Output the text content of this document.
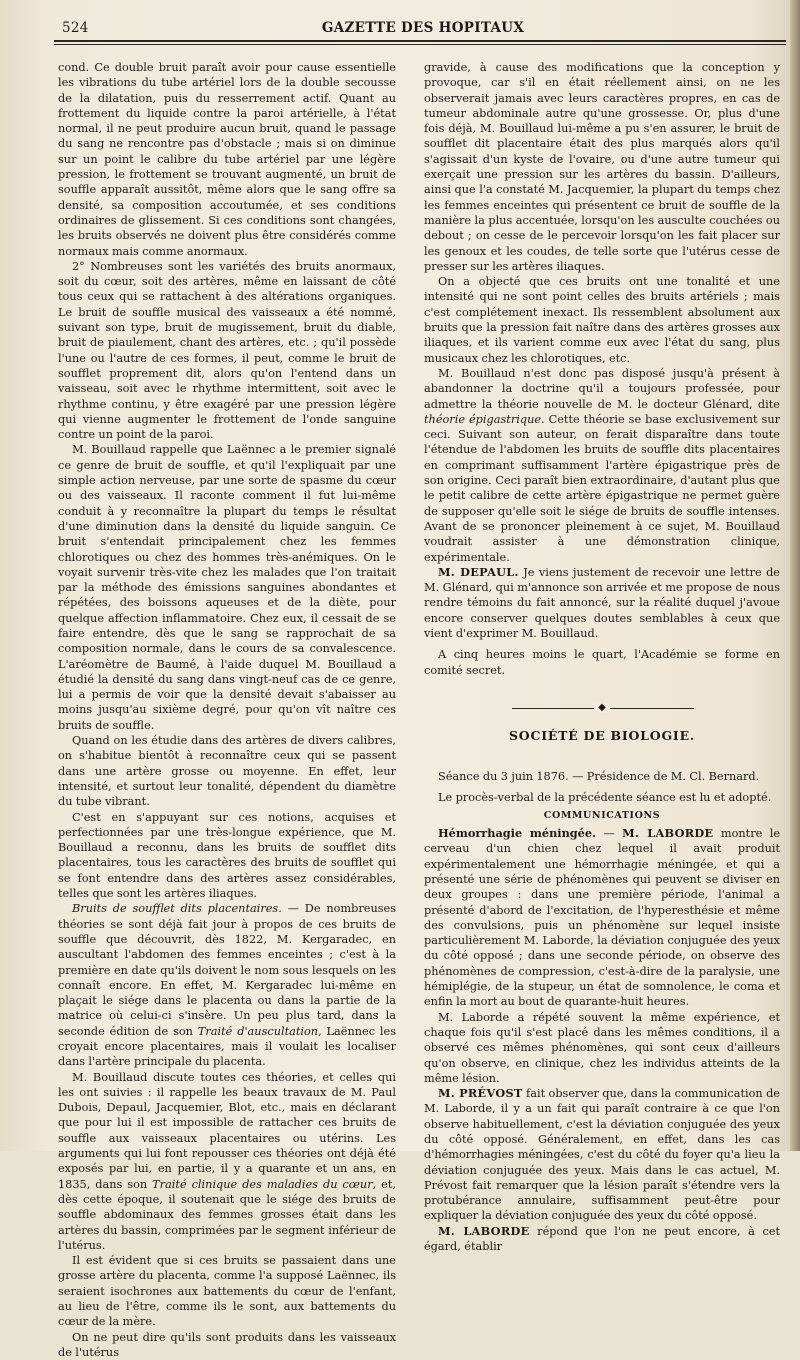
524	GAZETTE DES HOPITAUX

cond. Ce double bruit paraît avoir pour cause essentielle les vibrations du tube artériel lors de la double secousse de la dilatation, puis du resserrement actif. Quant au frottement du liquide contre la paroi artérielle, à l'état normal, il ne peut produire aucun bruit, quand le passage du sang ne rencontre pas d'obstacle ; mais si on diminue sur un point le calibre du tube artériel par une légère pression, le frottement se trouvant augmenté, un bruit de souffle apparaît aussitôt, même alors que le sang offre sa densité, sa composition accoutumée, et ses conditions ordinaires de glissement. Si ces conditions sont changées, les bruits observés ne doivent plus être considérés comme normaux mais comme anormaux.

2° Nombreuses sont les variétés des bruits anormaux, soit du cœur, soit des artères, même en laissant de côté tous ceux qui se rattachent à des altérations organiques. Le bruit de souffle musical des vaisseaux a été nommé, suivant son type, bruit de mugissement, bruit du diable, bruit de piaulement, chant des artères, etc. ; qu'il possède l'une ou l'autre de ces formes, il peut, comme le bruit de soufflet proprement dit, alors qu'on l'entend dans un vaisseau, soit avec le rhythme intermittent, soit avec le rhythme continu, y être exagéré par une pression légère qui vienne augmenter le frottement de l'onde sanguine contre un point de la paroi.

M. Bouillaud rappelle que Laënnec a le premier signalé ce genre de bruit de souffle, et qu'il l'expliquait par une simple action nerveuse, par une sorte de spasme du cœur ou des vaisseaux. Il raconte comment il fut lui-même conduit à y reconnaître la plupart du temps le résultat d'une diminution dans la densité du liquide sanguin. Ce bruit s'entendait principalement chez les femmes chlorotiques ou chez des hommes très-anémiques. On le voyait survenir très-vite chez les malades que l'on traitait par la méthode des émissions sanguines abondantes et répétées, des boissons aqueuses et de la diète, pour quelque affection inflammatoire. Chez eux, il cessait de se faire entendre, dès que le sang se rapprochait de sa composition normale, dans le cours de sa convalescence. L'aréomètre de Baumé, à l'aide duquel M. Bouillaud a étudié la densité du sang dans vingt-neuf cas de ce genre, lui a permis de voir que la densité devait s'abaisser au moins jusqu'au sixième degré, pour qu'on vît naître ces bruits de souffle.

Quand on les étudie dans des artères de divers calibres, on s'habitue bientôt à reconnaître ceux qui se passent dans une artère grosse ou moyenne. En effet, leur intensité, et surtout leur tonalité, dépendent du diamètre du tube vibrant.

C'est en s'appuyant sur ces notions, acquises et perfectionnées par une très-longue expérience, que M. Bouillaud a reconnu, dans les bruits de soufflet dits placentaires, tous les caractères des bruits de soufflet qui se font entendre dans des artères assez considérables, telles que sont les artères iliaques.

Bruits de soufflet dits placentaires. — De nombreuses théories se sont déjà fait jour à propos de ces bruits de souffle que découvrit, dès 1822, M. Kergaradec, en auscultant l'abdomen des femmes enceintes ; c'est à la première en date qu'ils doivent le nom sous lesquels on les connaît encore. En effet, M. Kergaradec lui-même en plaçait le siége dans le placenta ou dans la partie de la matrice où celui-ci s'insère. Un peu plus tard, dans la seconde édition de son Traité d'auscultation, Laënnec les croyait encore placentaires, mais il voulait les localiser dans l'artère principale du placenta.

M. Bouillaud discute toutes ces théories, et celles qui les ont suivies : il rappelle les beaux travaux de M. Paul Dubois, Depaul, Jacquemier, Blot, etc., mais en déclarant que pour lui il est impossible de rattacher ces bruits de souffle aux vaisseaux placentaires ou utérins. Les arguments qui lui font repousser ces théories ont déjà été exposés par lui, en partie, il y a quarante et un ans, en 1835, dans son Traité clinique des maladies du cœur, et, dès cette époque, il soutenait que le siége des bruits de souffle abdominaux des femmes grosses était dans les artères du bassin, comprimées par le segment inférieur de l'utérus.

Il est évident que si ces bruits se passaient dans une grosse artère du placenta, comme l'a supposé Laënnec, ils seraient isochrones aux battements du cœur de l'enfant, au lieu de l'être, comme ils le sont, aux battements du cœur de la mère.

On ne peut dire qu'ils sont produits dans les vaisseaux de l'utérus

gravide, à cause des modifications que la conception y provoque, car s'il en était réellement ainsi, on ne les observerait jamais avec leurs caractères propres, en cas de tumeur abdominale autre qu'une grossesse. Or, plus d'une fois déjà, M. Bouillaud lui-même a pu s'en assurer, le bruit de soufflet dit placentaire était des plus marqués alors qu'il s'agissait d'un kyste de l'ovaire, ou d'une autre tumeur qui exerçait une pression sur les artères du bassin. D'ailleurs, ainsi que l'a constaté M. Jacquemier, la plupart du temps chez les femmes enceintes qui présentent ce bruit de souffle de la manière la plus accentuée, lorsqu'on les ausculte couchées ou debout ; on cesse de le percevoir lorsqu'on les fait placer sur les genoux et les coudes, de telle sorte que l'utérus cesse de presser sur les artères iliaques.

On a objecté que ces bruits ont une tonalité et une intensité qui ne sont point celles des bruits artériels ; mais c'est complétement inexact. Ils ressemblent absolument aux bruits que la pression fait naître dans des artères grosses aux iliaques, et ils varient comme eux avec l'état du sang, plus musicaux chez les chlorotiques, etc.

M. Bouillaud n'est donc pas disposé jusqu'à présent à abandonner la doctrine qu'il a toujours professée, pour admettre la théorie nouvelle de M. le docteur Glénard, dite théorie épigastrique. Cette théorie se base exclusivement sur ceci. Suivant son auteur, on ferait disparaître dans toute l'étendue de l'abdomen les bruits de souffle dits placentaires en comprimant suffisamment l'artère épigastrique près de son origine. Ceci paraît bien extraordinaire, d'autant plus que le petit calibre de cette artère épigastrique ne permet guère de supposer qu'elle soit le siége de bruits de souffle intenses. Avant de se prononcer pleinement à ce sujet, M. Bouillaud voudrait assister à une démonstration clinique, expérimentale.

M. DEPAUL. Je viens justement de recevoir une lettre de M. Glénard, qui m'annonce son arrivée et me propose de nous rendre témoins du fait annoncé, sur la réalité duquel j'avoue encore conserver quelques doutes semblables à ceux que vient d'exprimer M. Bouillaud.

A cinq heures moins le quart, l'Académie se forme en comité secret.

◆
SOCIÉTÉ DE BIOLOGIE.

Séance du 3 juin 1876. — Présidence de M. Cl. Bernard.

Le procès-verbal de la précédente séance est lu et adopté.

COMMUNICATIONS

Hémorrhagie méningée. — M. LABORDE montre le cerveau d'un chien chez lequel il avait produit expérimentalement une hémorrhagie méningée, et qui a présenté une série de phénomènes qui peuvent se diviser en deux groupes : dans une première période, l'animal a présenté d'abord de l'excitation, de l'hyperesthésie et même des convulsions, puis un phénomène sur lequel insiste particulièrement M. Laborde, la déviation conjuguée des yeux du côté opposé ; dans une seconde période, on observe des phénomènes de compression, c'est-à-dire de la paralysie, une hémiplégie, de la stupeur, un état de somnolence, le coma et enfin la mort au bout de quarante-huit heures.

M. Laborde a répété souvent la même expérience, et chaque fois qu'il s'est placé dans les mêmes conditions, il a observé ces mêmes phénomènes, qui sont ceux d'ailleurs qu'on observe, en clinique, chez les individus atteints de la même lésion.

M. PRÉVOST fait observer que, dans la communication de M. Laborde, il y a un fait qui paraît contraire à ce que l'on observe habituellement, c'est la déviation conjuguée des yeux du côté opposé. Généralement, en effet, dans les cas d'hémorrhagies méningées, c'est du côté du foyer qu'a lieu la déviation conjuguée des yeux. Mais dans le cas actuel, M. Prévost fait remarquer que la lésion paraît s'étendre vers la protubérance annulaire, suffisamment peut-être pour expliquer la déviation conjuguée des yeux du côté opposé.

M. LABORDE répond que l'on ne peut encore, à cet égard, établir
